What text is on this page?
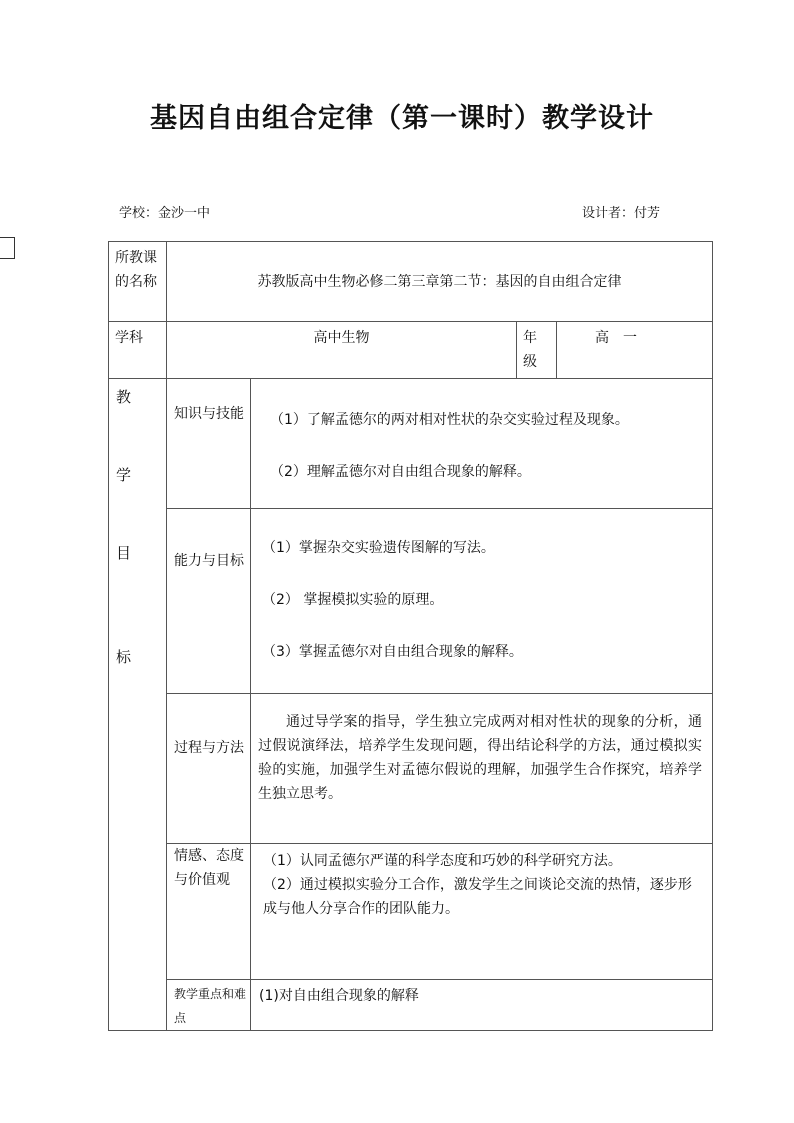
基因自由组合定律（第一课时）教学设计
学校：金沙一中	设计者：付芳
所教课的名称	苏教版高中生物必修二第三章第二节：基因的自由组合定律			
学科	高中生物		年级	高　一

教
学
目
标	知识与技能	（1）了解孟德尔的两对相对性状的杂交实验过程及现象。
（2）理解孟德尔对自由组合现象的解释。		

	能力与目标	（1）掌握杂交实验遗传图解的写法。
（2） 掌握模拟实验的原理。
（3）掌握孟德尔对自由组合现象的解释。		

	过程与方法	通过导学案的指导，学生独立完成两对相对性状的现象的分析，通过假说演绎法，培养学生发现问题，得出结论科学的方法，通过模拟实验的实施，加强学生对孟德尔假说的理解，加强学生合作探究，培养学生独立思考。		
	情感、态度与价值观	（1）认同孟德尔严谨的科学态度和巧妙的科学研究方法。
（2）通过模拟实验分工合作，激发学生之间谈论交流的热情，逐步形成与他人分享合作的团队能力。		

	教学重点和难点	(1)对自由组合现象的解释		
